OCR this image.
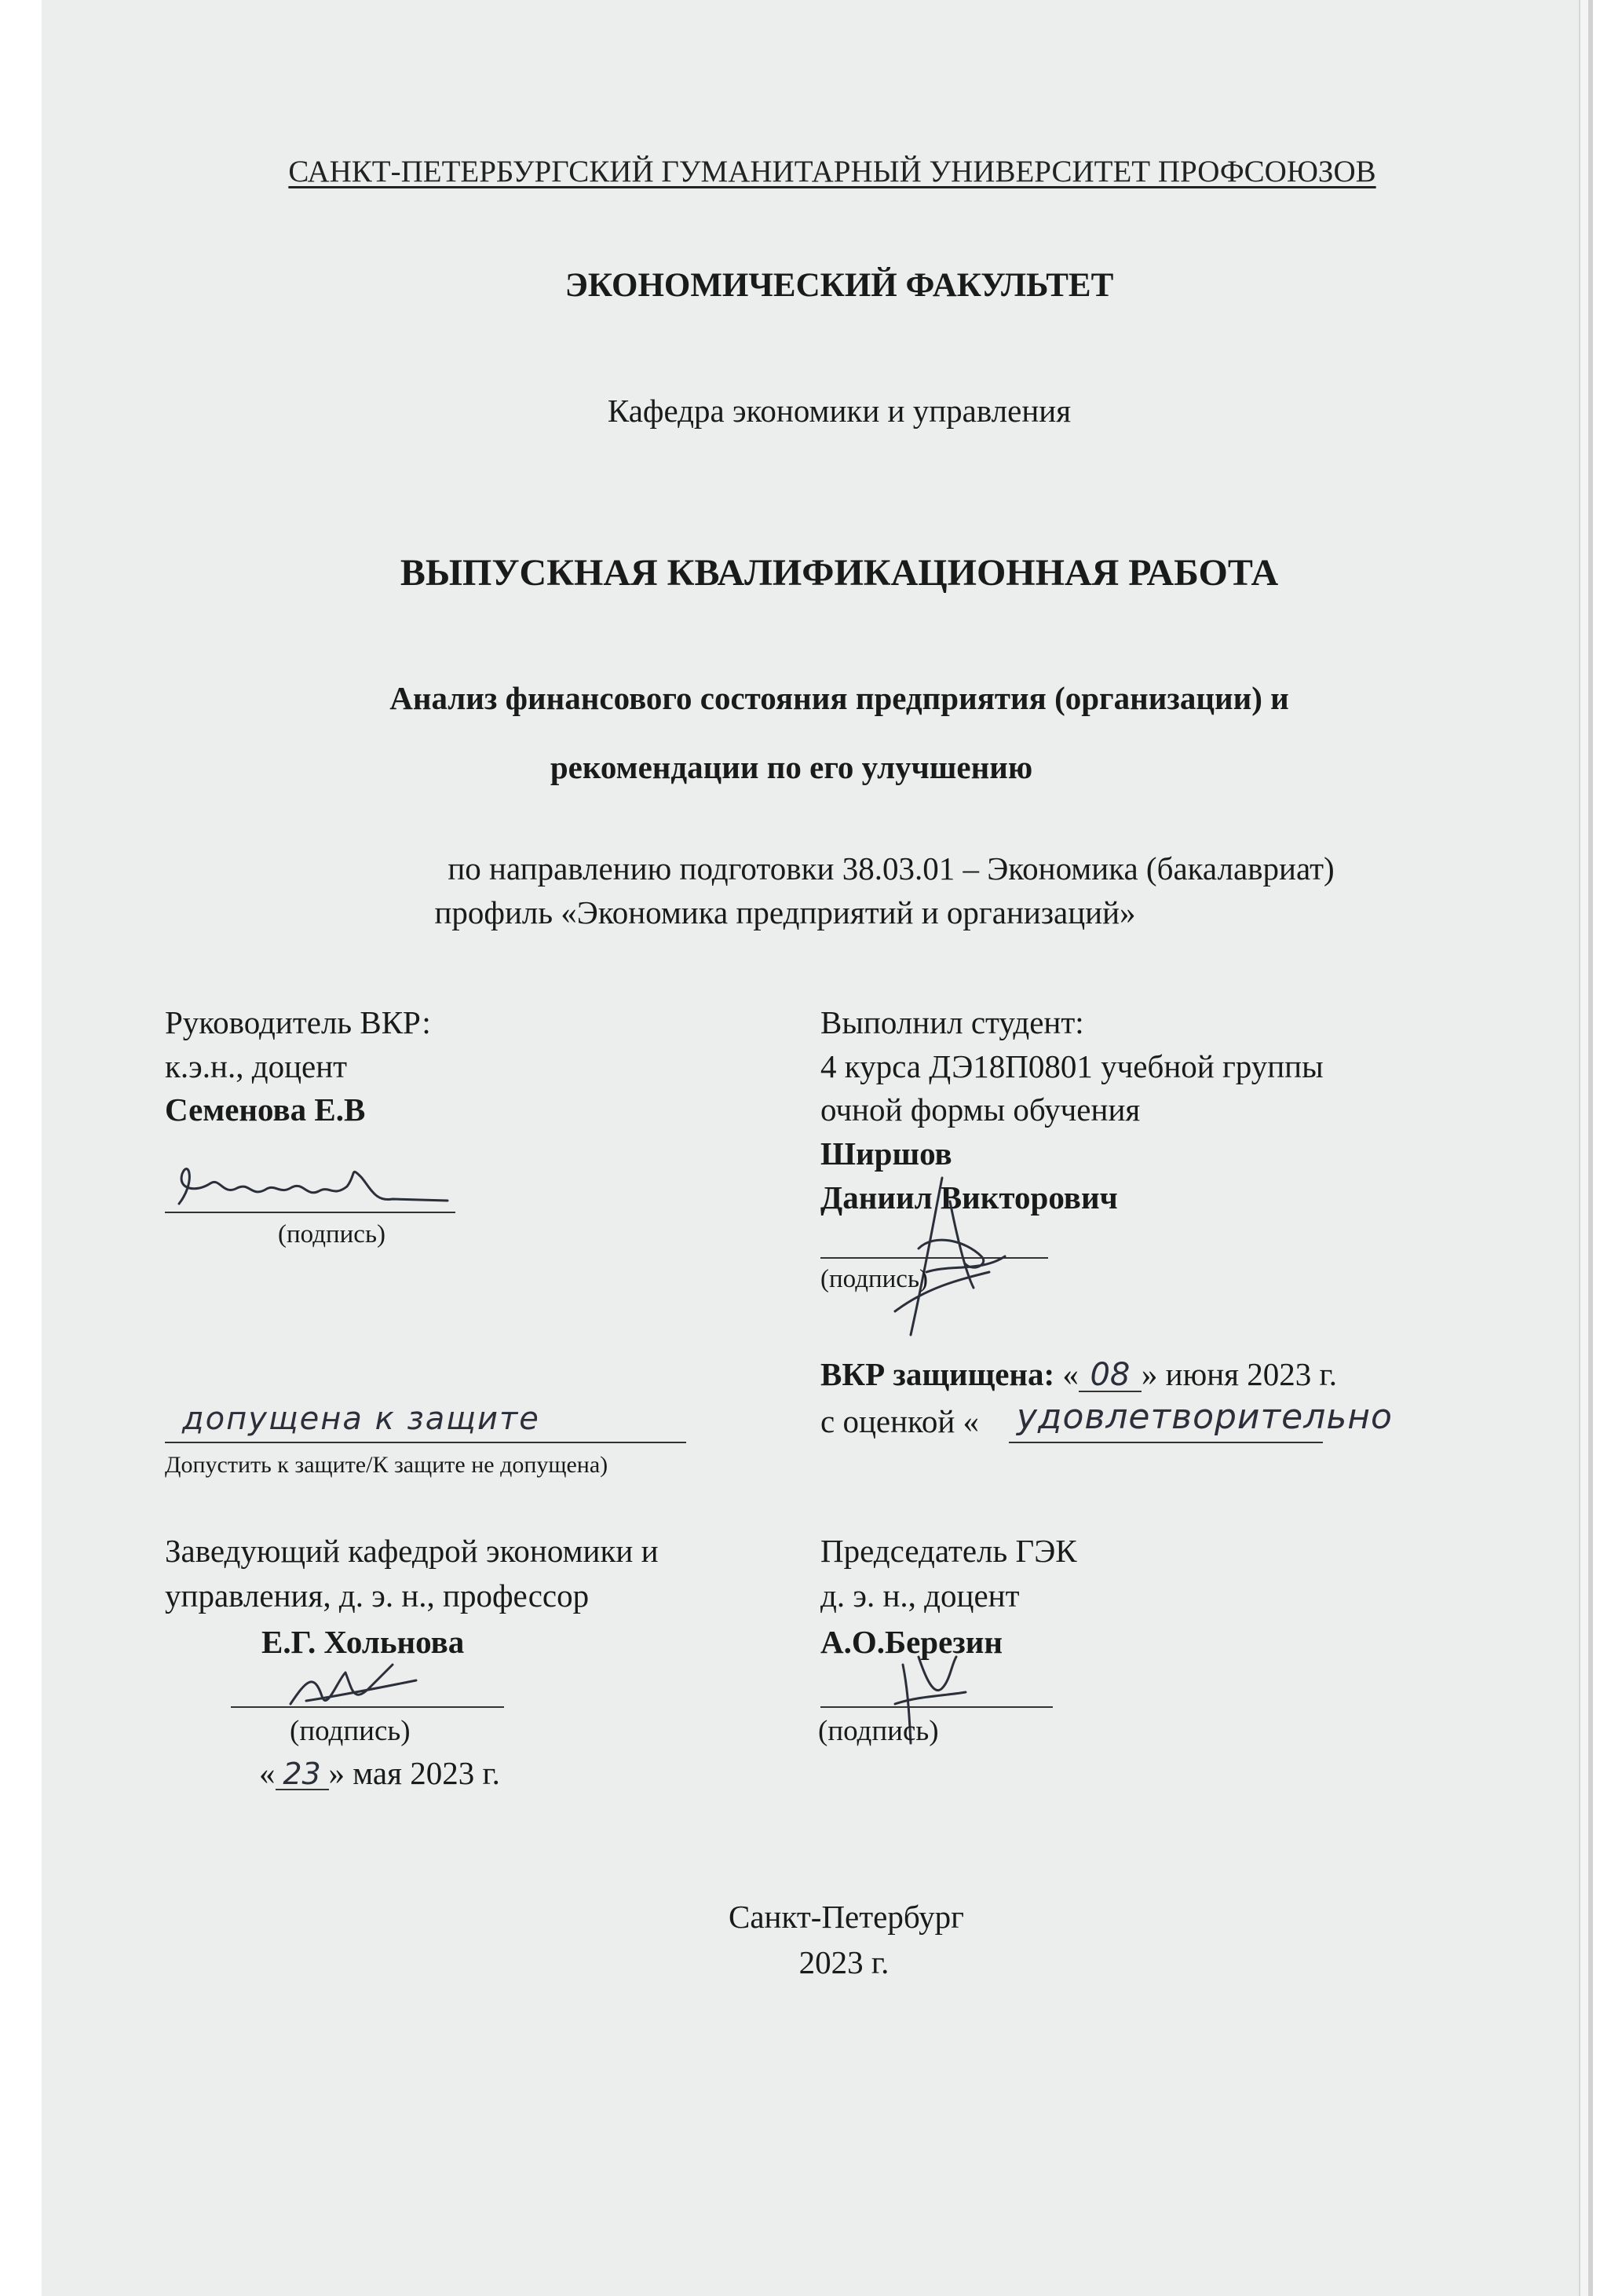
САНКТ-ПЕТЕРБУРГСКИЙ ГУМАНИТАРНЫЙ УНИВЕРСИТЕТ ПРОФСОЮЗОВ
ЭКОНОМИЧЕСКИЙ ФАКУЛЬТЕТ
Кафедра экономики и управления
ВЫПУСКНАЯ КВАЛИФИКАЦИОННАЯ РАБОТА
Анализ финансового состояния предприятия (организации) и
рекомендации по его улучшению
по направлению подготовки 38.03.01 – Экономика (бакалавриат)
профиль «Экономика предприятий и организаций»
Руководитель ВКР:
к.э.н., доцент
Семенова Е.В
(подпись)
Выполнил студент:
4 курса ДЭ18П0801 учебной группы
очной формы обучения
Ширшов
Даниил Викторович
(подпись)
ВКР защищена: « 08 » июня 2023 г.
с оценкой « удовлетворительно
допущена к защите
Допустить к защите/К защите не допущена)
Заведующий кафедрой экономики и
управления, д. э. н., профессор
Е.Г. Хольнова
(подпись)
« 23 » мая 2023 г.
Председатель ГЭК
д. э. н., доцент
А.О.Березин
(подпись)
Санкт-Петербург
2023 г.
